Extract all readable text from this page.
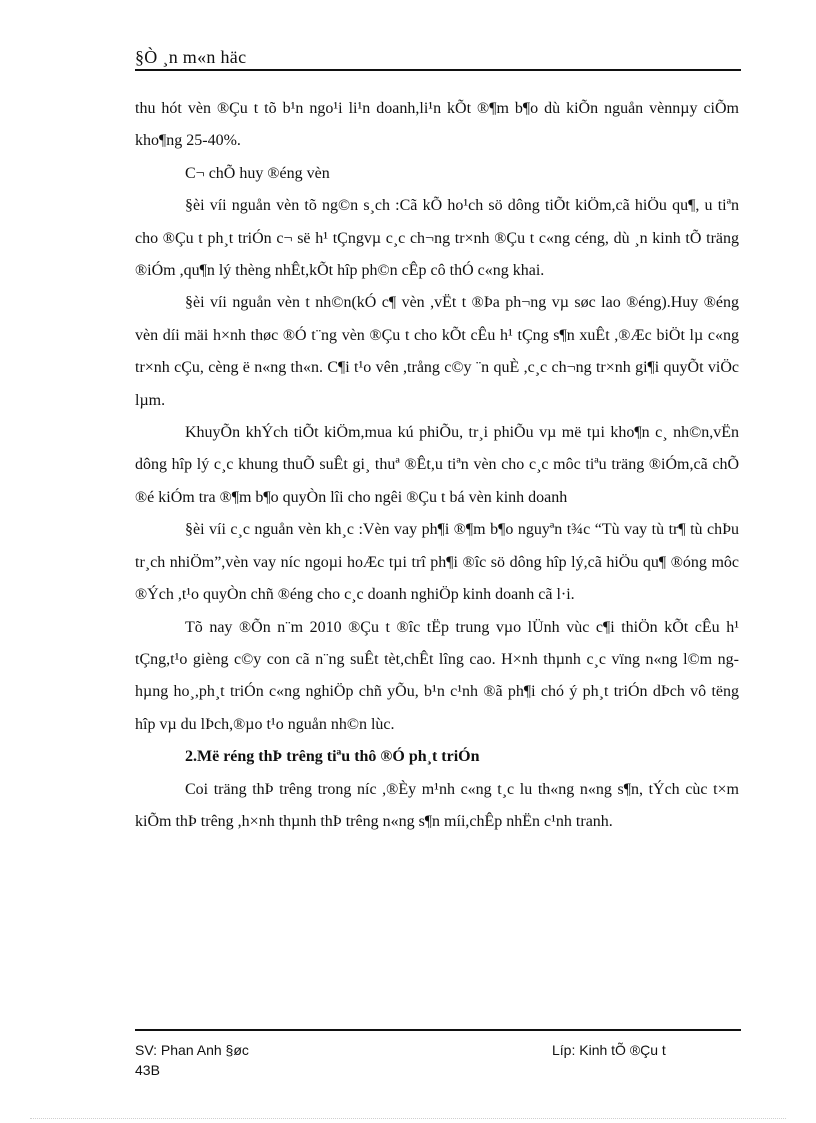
§Ò ¸n m«n häc

thu hót vèn ®Çu t tõ b¹n ngo¹i li¹n doanh,li¹n kÕt ®¶m b¶o dù kiÕn nguån vènnµy ciÕm kho¶ng 25-40%.

C¬ chÕ huy ®éng vèn

§èi víi nguån vèn tõ ng©n s¸ch :Cã kÕ ho¹ch sö dông tiÕt kiÖm,cã hiÖu qu¶, u tiªn cho ®Çu t ph¸t triÓn c¬ së h¹ tÇngvµ c¸c ch¬ng tr×nh ®Çu t c«ng céng, dù ¸n kinh tÕ träng ®iÓm ,qu¶n lý thèng nhÊt,kÕt hîp ph©n cÊp cô thÓ c«ng khai.

§èi víi nguån vèn t nh©n(kÓ c¶ vèn ,vËt t ®Þa ph¬ng vµ søc lao ®éng).Huy ®éng vèn díi mäi h×nh thøc ®Ó t¨ng vèn ®Çu t cho kÕt cÊu h¹ tÇng s¶n xuÊt ,®Æc biÖt lµ c«ng tr×nh cÇu, cèng ë n«ng th«n. C¶i t¹o vên ,trång c©y ¨n quÈ ,c¸c ch¬ng tr×nh gi¶i quyÕt viÖc lµm.

KhuyÕn khÝch tiÕt kiÖm,mua kú phiÕu, tr¸i phiÕu vµ më tµi kho¶n c¸ nh©n,vËn dông hîp lý c¸c khung thuÕ suÊt gi¸ thuª ®Êt,u tiªn vèn cho c¸c môc tiªu träng ®iÓm,cã chÕ ®é kiÓm tra ®¶m b¶o quyÒn lîi cho ngêi ®Çu t bá vèn kinh doanh

§èi víi c¸c nguån vèn kh¸c :Vèn vay ph¶i ®¶m b¶o nguyªn t¾c “Tù vay tù tr¶ tù chÞu tr¸ch nhiÖm”,vèn vay níc ngoµi hoÆc tµi trî ph¶i ®îc sö dông hîp lý,cã hiÖu qu¶ ®óng môc ®Ých ,t¹o quyÒn chñ ®éng cho c¸c doanh nghiÖp kinh doanh cã l·i.

Tõ nay ®Õn n¨m 2010 ®Çu t ®îc tËp trung vµo lÜnh vùc c¶i thiÖn kÕt cÊu h¹ tÇng,t¹o gièng c©y con cã n¨ng suÊt tèt,chÊt lîng cao. H×nh thµnh c¸c vïng n«ng l©m ng hµng ho¸,ph¸t triÓn c«ng nghiÖp chñ yÕu, b¹n c¹nh ®ã ph¶i chó ý ph¸t triÓn dÞch vô tëng hîp vµ du lÞch,®µo t¹o nguån nh©n lùc.

2.Më réng thÞ trêng tiªu thô ®Ó ph¸t triÓn

Coi träng thÞ trêng trong níc ,®Èy m¹nh c«ng t¸c lu th«ng n«ng s¶n, tÝch cùc t×m kiÕm thÞ trêng ,h×nh thµnh thÞ trêng n«ng s¶n míi,chÊp nhËn c¹nh tranh.

SV: Phan Anh §øc
43B
Líp: Kinh tÕ ®Çu t
